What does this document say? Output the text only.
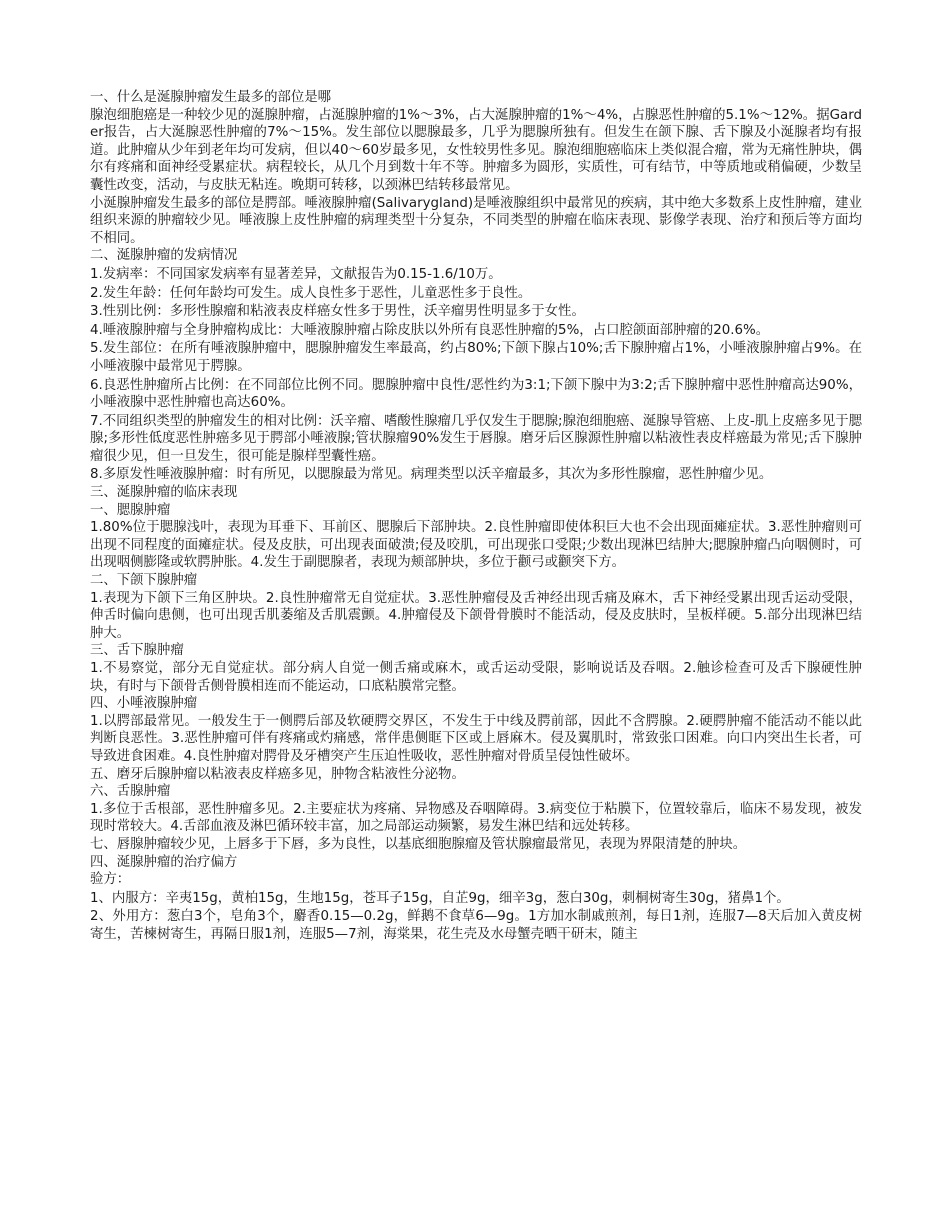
一、什么是涎腺肿瘤发生最多的部位是哪

腺泡细胞癌是一种较少见的涎腺肿瘤，占涎腺肿瘤的1%～3%，占大涎腺肿瘤的1%～4%，占腺恶性肿瘤的5.1%～12%。据Garder报告，占大涎腺恶性肿瘤的7%～15%。发生部位以腮腺最多，几乎为腮腺所独有。但发生在颌下腺、舌下腺及小涎腺者均有报道。此肿瘤从少年到老年均可发病，但以40～60岁最多见，女性较男性多见。腺泡细胞癌临床上类似混合瘤，常为无痛性肿块，偶尔有疼痛和面神经受累症状。病程较长，从几个月到数十年不等。肿瘤多为圆形，实质性，可有结节，中等质地或稍偏硬，少数呈囊性改变，活动，与皮肤无粘连。晚期可转移，以颈淋巴结转移最常见。

小涎腺肿瘤发生最多的部位是腭部。唾液腺肿瘤(Salivarygland)是唾液腺组织中最常见的疾病，其中绝大多数系上皮性肿瘤，建业组织来源的肿瘤较少见。唾液腺上皮性肿瘤的病理类型十分复杂，不同类型的肿瘤在临床表现、影像学表现、治疗和预后等方面均不相同。

二、涎腺肿瘤的发病情况

1.发病率：不同国家发病率有显著差异，文献报告为0.15-1.6/10万。

2.发生年龄：任何年龄均可发生。成人良性多于恶性，儿童恶性多于良性。

3.性别比例：多形性腺瘤和粘液表皮样癌女性多于男性，沃辛瘤男性明显多于女性。

4.唾液腺肿瘤与全身肿瘤构成比：大唾液腺肿瘤占除皮肤以外所有良恶性肿瘤的5%，占口腔颌面部肿瘤的20.6%。

5.发生部位：在所有唾液腺肿瘤中，腮腺肿瘤发生率最高，约占80%;下颌下腺占10%;舌下腺肿瘤占1%，小唾液腺肿瘤占9%。在小唾液腺中最常见于腭腺。

6.良恶性肿瘤所占比例：在不同部位比例不同。腮腺肿瘤中良性/恶性约为3:1;下颌下腺中为3:2;舌下腺肿瘤中恶性肿瘤高达90%，小唾液腺中恶性肿瘤也高达60%。

7.不同组织类型的肿瘤发生的相对比例：沃辛瘤、嗜酸性腺瘤几乎仅发生于腮腺;腺泡细胞癌、涎腺导管癌、上皮-肌上皮癌多见于腮腺;多形性低度恶性肿癌多见于腭部小唾液腺;管状腺瘤90%发生于唇腺。磨牙后区腺源性肿瘤以粘液性表皮样癌最为常见;舌下腺肿瘤很少见，但一旦发生，很可能是腺样型囊性癌。

8.多原发性唾液腺肿瘤：时有所见，以腮腺最为常见。病理类型以沃辛瘤最多，其次为多形性腺瘤，恶性肿瘤少见。

三、涎腺肿瘤的临床表现

一、腮腺肿瘤

1.80%位于腮腺浅叶，表现为耳垂下、耳前区、腮腺后下部肿块。2.良性肿瘤即使体积巨大也不会出现面瘫症状。3.恶性肿瘤则可出现不同程度的面瘫症状。侵及皮肤，可出现表面破溃;侵及咬肌，可出现张口受限;少数出现淋巴结肿大;腮腺肿瘤凸向咽侧时，可出现咽侧膨隆或软腭肿胀。4.发生于副腮腺者，表现为颊部肿块，多位于颧弓或颧突下方。

二、下颌下腺肿瘤

1.表现为下颌下三角区肿块。2.良性肿瘤常无自觉症状。3.恶性肿瘤侵及舌神经出现舌痛及麻木，舌下神经受累出现舌运动受限，伸舌时偏向患侧，也可出现舌肌萎缩及舌肌震颤。4.肿瘤侵及下颌骨骨膜时不能活动，侵及皮肤时，呈板样硬。5.部分出现淋巴结肿大。

三、舌下腺肿瘤

1.不易察觉，部分无自觉症状。部分病人自觉一侧舌痛或麻木，或舌运动受限，影响说话及吞咽。2.触诊检查可及舌下腺硬性肿块，有时与下颌骨舌侧骨膜相连而不能运动，口底粘膜常完整。

四、小唾液腺肿瘤

1.以腭部最常见。一般发生于一侧腭后部及软硬腭交界区，不发生于中线及腭前部，因此不含腭腺。2.硬腭肿瘤不能活动不能以此判断良恶性。3.恶性肿瘤可伴有疼痛或灼痛感，常伴患侧眶下区或上唇麻木。侵及翼肌时，常致张口困难。向口内突出生长者，可导致进食困难。4.良性肿瘤对腭骨及牙槽突产生压迫性吸收，恶性肿瘤对骨质呈侵蚀性破坏。

五、磨牙后腺肿瘤以粘液表皮样癌多见，肿物含粘液性分泌物。

六、舌腺肿瘤

1.多位于舌根部，恶性肿瘤多见。2.主要症状为疼痛、异物感及吞咽障碍。3.病变位于粘膜下，位置较靠后，临床不易发现，被发现时常较大。4.舌部血液及淋巴循环较丰富，加之局部运动频繁，易发生淋巴结和远处转移。

七、唇腺肿瘤较少见，上唇多于下唇，多为良性，以基底细胞腺瘤及管状腺瘤最常见，表现为界限清楚的肿块。

四、涎腺肿瘤的治疗偏方

验方：

1、内服方：辛夷15g，黄柏15g，生地15g，苍耳子15g，自芷9g，细辛3g，葱白30g，刺桐树寄生30g，猪鼻1个。

2、外用方：葱白3个，皂角3个，麝香0.15—0.2g，鲜鹅不食草6—9g。1方加水制戚煎剂，每日1剂，连服7—8天后加入黄皮树寄生，苦楝树寄生，再隔日服1剂，连服5—7剂，海棠果，花生壳及水母蟹壳晒干研末，随主
